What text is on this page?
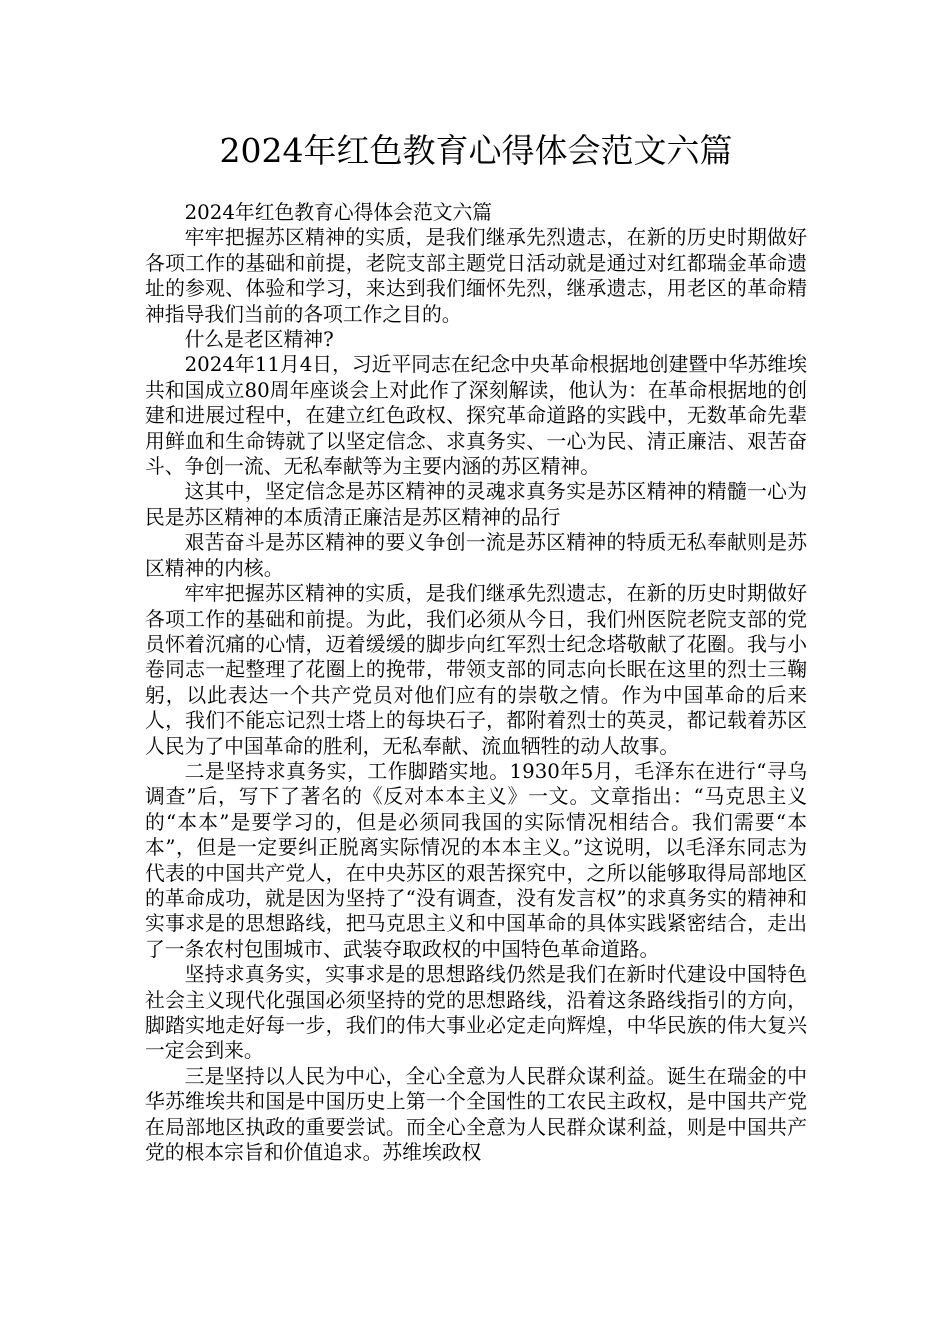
2024年红色教育心得体会范文六篇

2024年红色教育心得体会范文六篇

牢牢把握苏区精神的实质，是我们继承先烈遗志，在新的历史时期做好各项工作的基础和前提，老院支部主题党日活动就是通过对红都瑞金革命遗址的参观、体验和学习，来达到我们缅怀先烈，继承遗志，用老区的革命精神指导我们当前的各项工作之目的。

什么是老区精神?

2024年11月4日，习近平同志在纪念中央革命根据地创建暨中华苏维埃共和国成立80周年座谈会上对此作了深刻解读，他认为：在革命根据地的创建和进展过程中，在建立红色政权、探究革命道路的实践中，无数革命先辈用鲜血和生命铸就了以坚定信念、求真务实、一心为民、清正廉洁、艰苦奋斗、争创一流、无私奉献等为主要内涵的苏区精神。

这其中，坚定信念是苏区精神的灵魂求真务实是苏区精神的精髓一心为民是苏区精神的本质清正廉洁是苏区精神的品行

艰苦奋斗是苏区精神的要义争创一流是苏区精神的特质无私奉献则是苏区精神的内核。

牢牢把握苏区精神的实质，是我们继承先烈遗志，在新的历史时期做好各项工作的基础和前提。为此，我们必须从今日，我们州医院老院支部的党员怀着沉痛的心情，迈着缓缓的脚步向红军烈士纪念塔敬献了花圈。我与小卷同志一起整理了花圈上的挽带，带领支部的同志向长眠在这里的烈士三鞠躬，以此表达一个共产党员对他们应有的崇敬之情。作为中国革命的后来人，我们不能忘记烈士塔上的每块石子，都附着烈士的英灵，都记载着苏区人民为了中国革命的胜利，无私奉献、流血牺牲的动人故事。

二是坚持求真务实，工作脚踏实地。1930年5月，毛泽东在进行“寻乌调查”后，写下了著名的《反对本本主义》一文。文章指出：“马克思主义的“本本”是要学习的，但是必须同我国的实际情况相结合。我们需要“本本”，但是一定要纠正脱离实际情况的本本主义。”这说明，以毛泽东同志为代表的中国共产党人，在中央苏区的艰苦探究中，之所以能够取得局部地区的革命成功，就是因为坚持了“没有调查，没有发言权”的求真务实的精神和实事求是的思想路线，把马克思主义和中国革命的具体实践紧密结合，走出了一条农村包围城市、武装夺取政权的中国特色革命道路。

坚持求真务实，实事求是的思想路线仍然是我们在新时代建设中国特色社会主义现代化强国必须坚持的党的思想路线，沿着这条路线指引的方向，脚踏实地走好每一步，我们的伟大事业必定走向辉煌，中华民族的伟大复兴一定会到来。

三是坚持以人民为中心，全心全意为人民群众谋利益。诞生在瑞金的中华苏维埃共和国是中国历史上第一个全国性的工农民主政权，是中国共产党在局部地区执政的重要尝试。而全心全意为人民群众谋利益，则是中国共产党的根本宗旨和价值追求。苏维埃政权
